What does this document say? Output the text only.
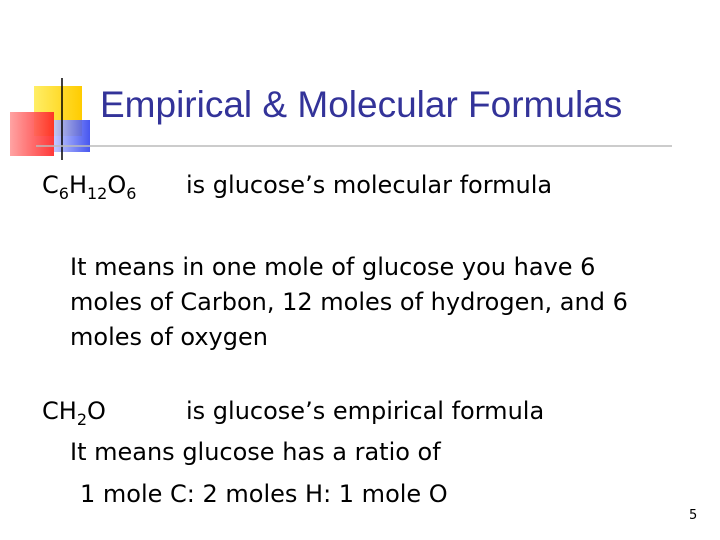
Empirical & Molecular Formulas
$C_6H_{12}O_6$ is glucose’s molecular formula
It means in one mole of glucose you have 6
moles of Carbon, 12 moles of hydrogen, and 6
moles of oxygen
$CH_2O$	is glucose’s empirical formula
It means glucose has a ratio of
1 mole C: 2 moles H: 1 mole O
5
